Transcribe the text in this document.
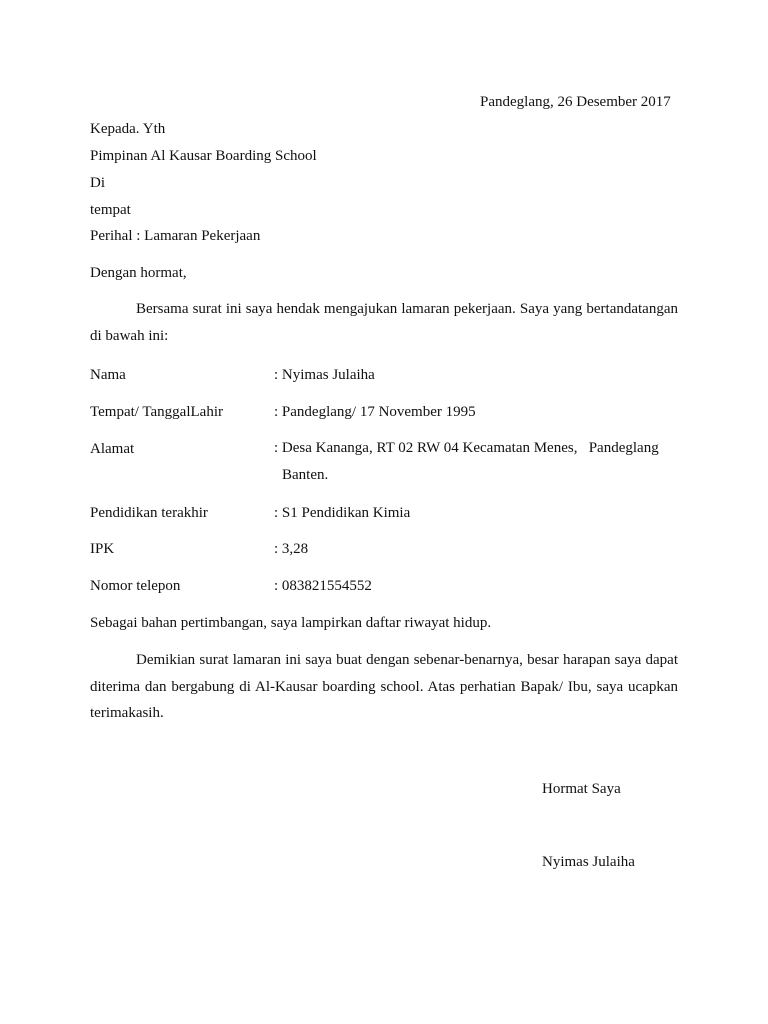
Pandeglang, 26 Desember 2017
Kepada. Yth
Pimpinan Al Kausar Boarding School
Di
tempat
Perihal : Lamaran Pekerjaan
Dengan hormat,
Bersama surat ini saya hendak mengajukan lamaran pekerjaan. Saya yang bertandatangan di bawah ini:
Nama	: Nyimas Julaiha
Tempat/ TanggalLahir	: Pandeglang/ 17 November 1995
Alamat	: Desa Kananga, RT 02 RW 04 Kecamatan Menes,   Pandeglang
Banten.
Pendidikan terakhir	: S1 Pendidikan Kimia
IPK	: 3,28
Nomor telepon	: 083821554552
Sebagai bahan pertimbangan, saya lampirkan daftar riwayat hidup.
Demikian surat lamaran ini saya buat dengan sebenar-benarnya, besar harapan saya dapat diterima dan bergabung di Al-Kausar boarding school. Atas perhatian Bapak/ Ibu, saya ucapkan terimakasih.
Hormat Saya
Nyimas Julaiha
